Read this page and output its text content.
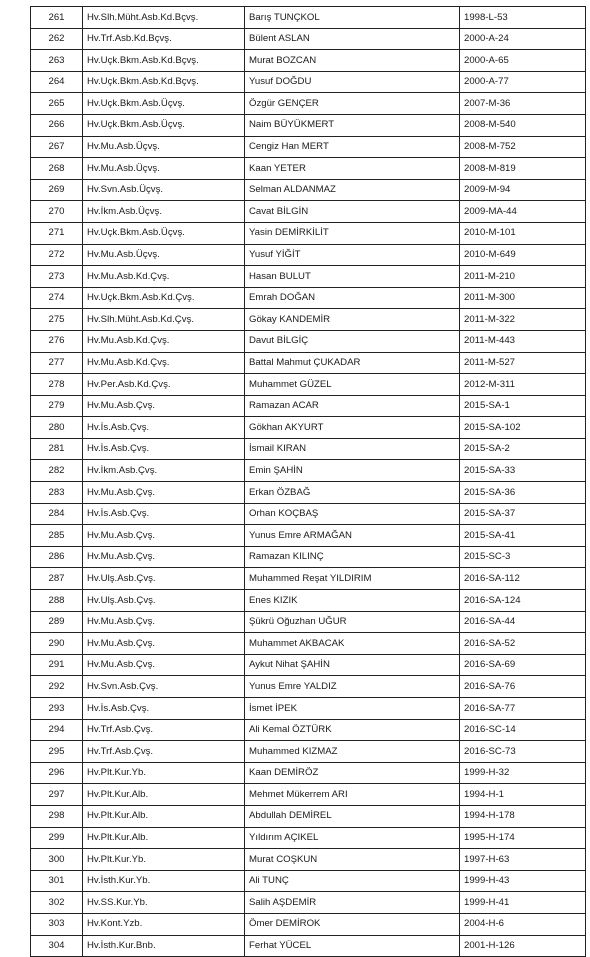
261	Hv.Slh.Müht.Asb.Kd.Bçvş.	Barış TUNÇKOL	1998-L-53
262	Hv.Trf.Asb.Kd.Bçvş.	Bülent ASLAN	2000-A-24
263	Hv.Uçk.Bkm.Asb.Kd.Bçvş.	Murat BOZCAN	2000-A-65
264	Hv.Uçk.Bkm.Asb.Kd.Bçvş.	Yusuf DOĞDU	2000-A-77
265	Hv.Uçk.Bkm.Asb.Üçvş.	Özgür GENÇER	2007-M-36
266	Hv.Uçk.Bkm.Asb.Üçvş.	Naim BÜYÜKMERT	2008-M-540
267	Hv.Mu.Asb.Üçvş.	Cengiz Han MERT	2008-M-752
268	Hv.Mu.Asb.Üçvş.	Kaan YETER	2008-M-819
269	Hv.Svn.Asb.Üçvş.	Selman ALDANMAZ	2009-M-94
270	Hv.İkm.Asb.Üçvş.	Cavat BİLGİN	2009-MA-44
271	Hv.Uçk.Bkm.Asb.Üçvş.	Yasin DEMİRKİLİT	2010-M-101
272	Hv.Mu.Asb.Üçvş.	Yusuf YİĞİT	2010-M-649
273	Hv.Mu.Asb.Kd.Çvş.	Hasan BULUT	2011-M-210
274	Hv.Uçk.Bkm.Asb.Kd.Çvş.	Emrah DOĞAN	2011-M-300
275	Hv.Slh.Müht.Asb.Kd.Çvş.	Gökay KANDEMİR	2011-M-322
276	Hv.Mu.Asb.Kd.Çvş.	Davut BİLGİÇ	2011-M-443
277	Hv.Mu.Asb.Kd.Çvş.	Battal Mahmut ÇUKADAR	2011-M-527
278	Hv.Per.Asb.Kd.Çvş.	Muhammet GÜZEL	2012-M-311
279	Hv.Mu.Asb.Çvş.	Ramazan ACAR	2015-SA-1
280	Hv.İs.Asb.Çvş.	Gökhan AKYURT	2015-SA-102
281	Hv.İs.Asb.Çvş.	İsmail KIRAN	2015-SA-2
282	Hv.İkm.Asb.Çvş.	Emin ŞAHİN	2015-SA-33
283	Hv.Mu.Asb.Çvş.	Erkan ÖZBAĞ	2015-SA-36
284	Hv.İs.Asb.Çvş.	Orhan KOÇBAŞ	2015-SA-37
285	Hv.Mu.Asb.Çvş.	Yunus Emre ARMAĞAN	2015-SA-41
286	Hv.Mu.Asb.Çvş.	Ramazan KILINÇ	2015-SC-3
287	Hv.Ulş.Asb.Çvş.	Muhammed Reşat YILDIRIM	2016-SA-112
288	Hv.Ulş.Asb.Çvş.	Enes KIZIK	2016-SA-124
289	Hv.Mu.Asb.Çvş.	Şükrü Oğuzhan UĞUR	2016-SA-44
290	Hv.Mu.Asb.Çvş.	Muhammet AKBACAK	2016-SA-52
291	Hv.Mu.Asb.Çvş.	Aykut Nihat ŞAHİN	2016-SA-69
292	Hv.Svn.Asb.Çvş.	Yunus Emre YALDIZ	2016-SA-76
293	Hv.İs.Asb.Çvş.	İsmet İPEK	2016-SA-77
294	Hv.Trf.Asb.Çvş.	Ali Kemal ÖZTÜRK	2016-SC-14
295	Hv.Trf.Asb.Çvş.	Muhammed KIZMAZ	2016-SC-73
296	Hv.Plt.Kur.Yb.	Kaan DEMİRÖZ	1999-H-32
297	Hv.Plt.Kur.Alb.	Mehmet Mükerrem ARI	1994-H-1
298	Hv.Plt.Kur.Alb.	Abdullah DEMİREL	1994-H-178
299	Hv.Plt.Kur.Alb.	Yıldırım AÇIKEL	1995-H-174
300	Hv.Plt.Kur.Yb.	Murat COŞKUN	1997-H-63
301	Hv.İsth.Kur.Yb.	Ali TUNÇ	1999-H-43
302	Hv.SS.Kur.Yb.	Salih AŞDEMİR	1999-H-41
303	Hv.Kont.Yzb.	Ömer DEMİROK	2004-H-6
304	Hv.İsth.Kur.Bnb.	Ferhat YÜCEL	2001-H-126
